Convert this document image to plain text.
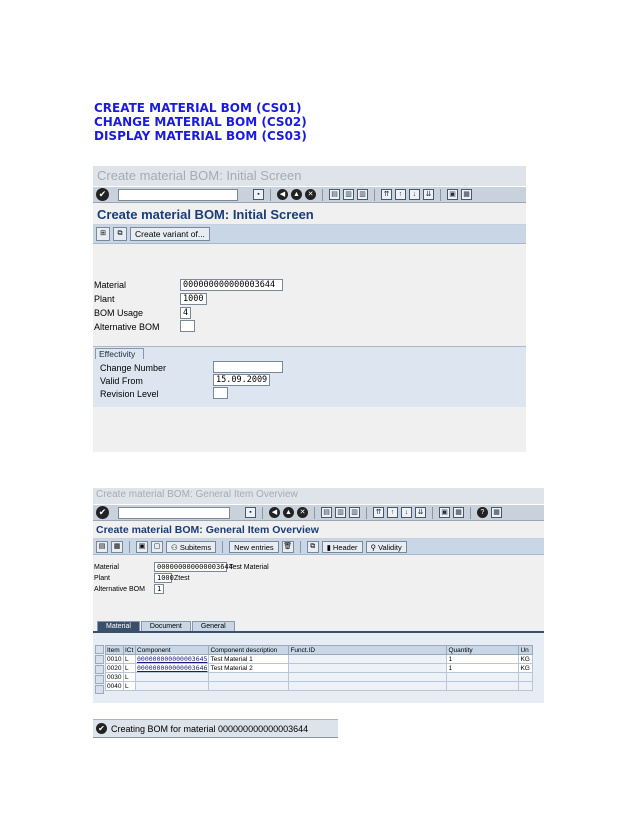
CREATE MATERIAL BOM (CS01)
CHANGE MATERIAL BOM (CS02)
DISPLAY MATERIAL BOM (CS03)
Create material BOM: Initial Screen
✔	▪	◀	▲	✕	▤	▥	▥	⇈	↑	↓	⇊	▣	▦
Create material BOM: Initial Screen
⊞	⧉	Create variant of...
Material	000000000000003644
Plant	1000
BOM Usage	4
Alternative BOM
Effectivity
Change Number
Valid From	15.09.2009
Revision Level
Create material BOM: General Item Overview
✔	▪	◀	▲	✕	▤	▥	▥	⇈	↑	↓	⇊	▣	▦	?	▦
Create material BOM: General Item Overview
▤	▦	▣	▢	⚇ Subitems	New entries	🗑	⧉	▮ Header	⚲ Validity
Material	000000000000003644
Test Material
Plant	1000 Ztest
Alternative BOM	1
Material	Document	General
Item	ICt	Component	Component description	Funct.ID	Quantity	Un
0010	L	000000000000003645	Test Material 1		1	KG
0020	L	000000000000003646	Test Material 2		1	KG
0030	L					
0040	L					
✔ Creating BOM for material 000000000000003644
